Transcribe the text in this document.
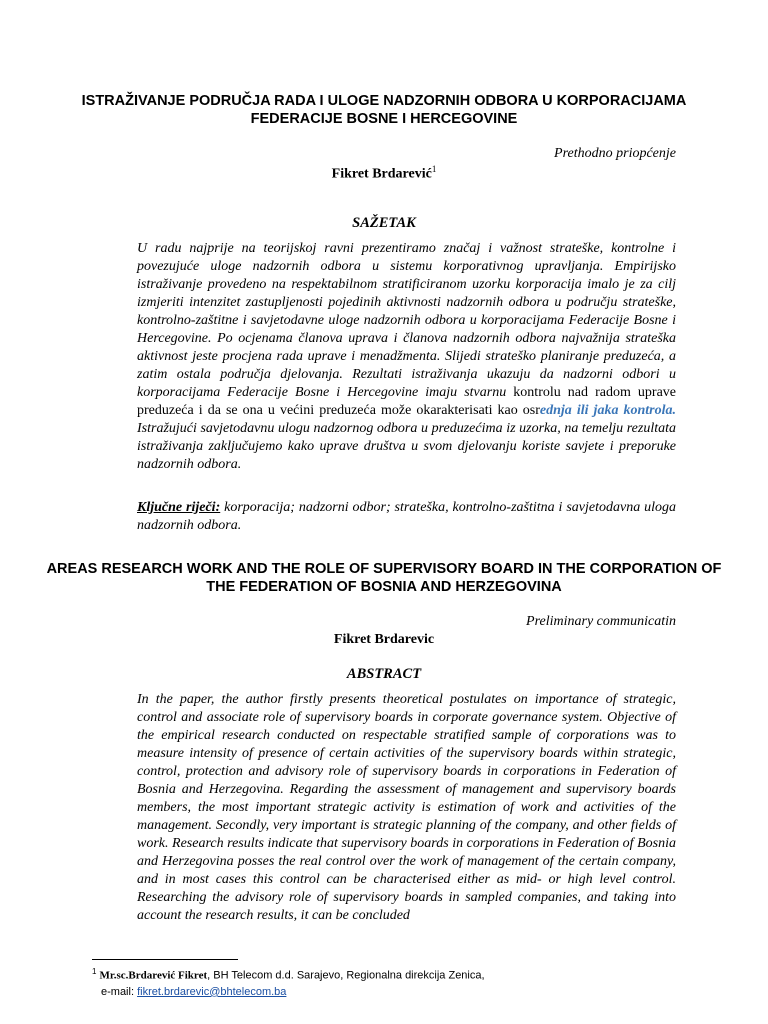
ISTRAŽIVANJE PODRUČJA RADA I ULOGE NADZORNIH ODBORA U KORPORACIJAMA FEDERACIJE BOSNE I HERCEGOVINE
Prethodno priopćenje
Fikret Brdarević$^1$
SAŽETAK
U radu najprije na teorijskoj ravni prezentiramo značaj i važnost strateške, kontrolne i povezujuće uloge nadzornih odbora u sistemu korporativnog upravljanja. Empirijsko istraživanje provedeno na respektabilnom stratificiranom uzorku korporacija imalo je za cilj izmjeriti intenzitet zastupljenosti pojedinih aktivnosti nadzornih odbora u području strateške, kontrolno-zaštitne i savjetodavne uloge nadzornih odbora u korporacijama Federacije Bosne i Hercegovine. Po ocjenama članova uprava i članova nadzornih odbora najvažnija strateška aktivnost jeste procjena rada uprave i menadžmenta. Slijedi strateško planiranje preduzeća, a zatim ostala područja djelovanja. Rezultati istraživanja ukazuju da nadzorni odbori u korporacijama Federacije Bosne i Hercegovine imaju stvarnu kontrolu nad radom uprave preduzeća i da se ona u većini preduzeća može okarakterisati kao osrednja ili jaka kontrola. Istražujući savjetodavnu ulogu nadzornog odbora u preduzećima iz uzorka, na temelju rezultata istraživanja zaključujemo kako uprave društva u svom djelovanju koriste savjete i preporuke nadzornih odbora.
Ključne riječi: korporacija; nadzorni odbor; strateška, kontrolno-zaštitna i savjetodavna uloga nadzornih odbora.
AREAS RESEARCH WORK AND THE ROLE OF SUPERVISORY BOARD IN THE CORPORATION OF THE FEDERATION OF BOSNIA AND HERZEGOVINA
Preliminary communicatin
Fikret Brdarevic
ABSTRACT
In the paper, the author firstly presents theoretical postulates on importance of strategic, control and associate role of supervisory boards in corporate governance system. Objective of the empirical research conducted on respectable stratified sample of corporations was to measure intensity of presence of certain activities of the supervisory boards within strategic, control, protection and advisory role of supervisory boards in corporations in Federation of Bosnia and Herzegovina. Regarding the assessment of management and supervisory boards members, the most important strategic activity is estimation of work and activities of the management. Secondly, very important is strategic planning of the company, and other fields of work. Research results indicate that supervisory boards in corporations in Federation of Bosnia and Herzegovina posses the real control over the work of management of the certain company, and in most cases this control can be characterised either as mid- or high level control. Researching the advisory role of supervisory boards in sampled companies, and taking into account the research results, it can be concluded
$^1$ Mr.sc.Brdarević Fikret, BH Telecom d.d. Sarajevo, Regionalna direkcija Zenica,
e-mail: fikret.brdarevic@bhtelecom.ba
